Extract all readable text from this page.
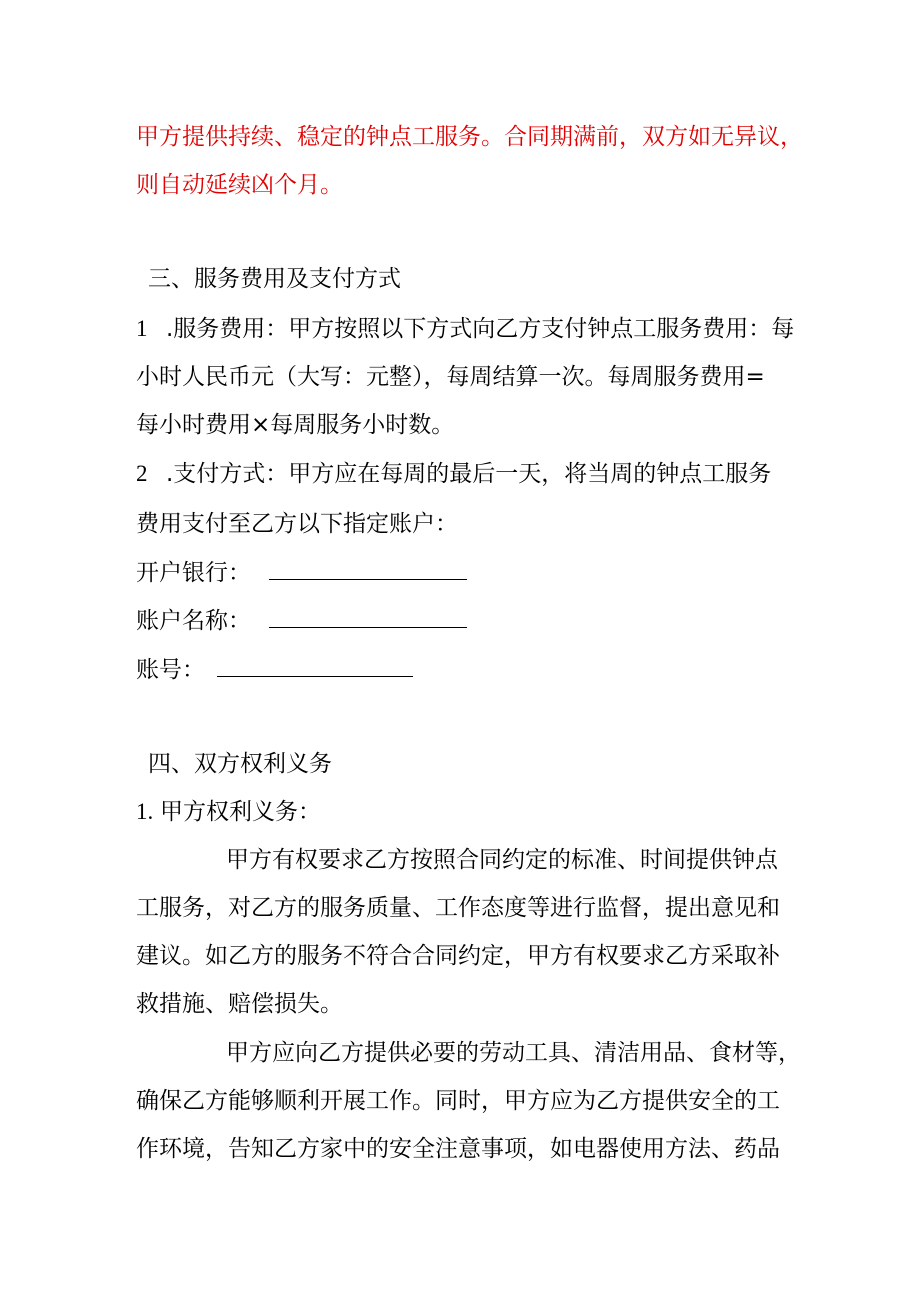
甲方提供持续、稳定的钟点工服务。合同期满前，双方如无异议，

则自动延续凶个月。

三、服务费用及支付方式

1 .服务费用：甲方按照以下方式向乙方支付钟点工服务费用：每

小时人民币元（大写：元整），每周结算一次。每周服务费用=

每小时费用×每周服务小时数。

2 .支付方式：甲方应在每周的最后一天，将当周的钟点工服务

费用支付至乙方以下指定账户：

开户银行：

账户名称：

账号：

四、双方权利义务

1. 甲方权利义务：

甲方有权要求乙方按照合同约定的标准、时间提供钟点

工服务，对乙方的服务质量、工作态度等进行监督，提出意见和

建议。如乙方的服务不符合合同约定，甲方有权要求乙方采取补

救措施、赔偿损失。

甲方应向乙方提供必要的劳动工具、清洁用品、食材等，

确保乙方能够顺利开展工作。同时，甲方应为乙方提供安全的工

作环境，告知乙方家中的安全注意事项，如电器使用方法、药品
